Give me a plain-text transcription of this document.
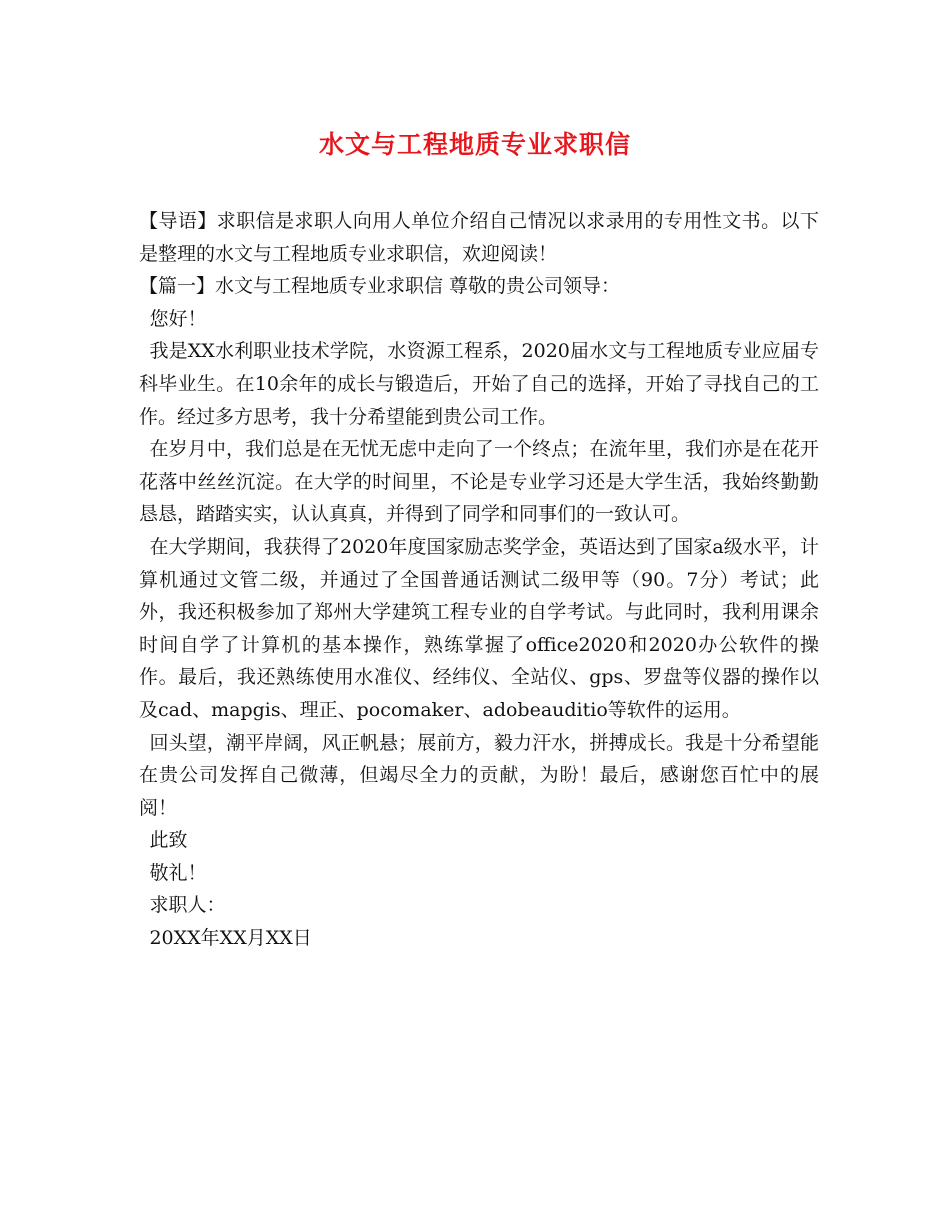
水文与工程地质专业求职信

【导语】求职信是求职人向用人单位介绍自己情况以求录用的专用性文书。以下是整理的水文与工程地质专业求职信，欢迎阅读！

【篇一】水文与工程地质专业求职信 尊敬的贵公司领导：

您好！

我是XX水利职业技术学院，水资源工程系，2020届水文与工程地质专业应届专科毕业生。在10余年的成长与锻造后，开始了自己的选择，开始了寻找自己的工作。经过多方思考，我十分希望能到贵公司工作。

在岁月中，我们总是在无忧无虑中走向了一个终点；在流年里，我们亦是在花开花落中丝丝沉淀。在大学的时间里，不论是专业学习还是大学生活，我始终勤勤恳恳，踏踏实实，认认真真，并得到了同学和同事们的一致认可。

在大学期间，我获得了2020年度国家励志奖学金，英语达到了国家a级水平，计算机通过文管二级，并通过了全国普通话测试二级甲等（90。7分）考试；此外，我还积极参加了郑州大学建筑工程专业的自学考试。与此同时，我利用课余时间自学了计算机的基本操作，熟练掌握了office2020和2020办公软件的操作。最后，我还熟练使用水准仪、经纬仪、全站仪、gps、罗盘等仪器的操作以及cad、mapgis、理正、pocomaker、adobeauditio等软件的运用。

回头望，潮平岸阔，风正帆悬；展前方，毅力汗水，拼搏成长。我是十分希望能在贵公司发挥自己微薄，但竭尽全力的贡献，为盼！最后，感谢您百忙中的展阅！

此致

敬礼！

求职人：

20XX年XX月XX日
